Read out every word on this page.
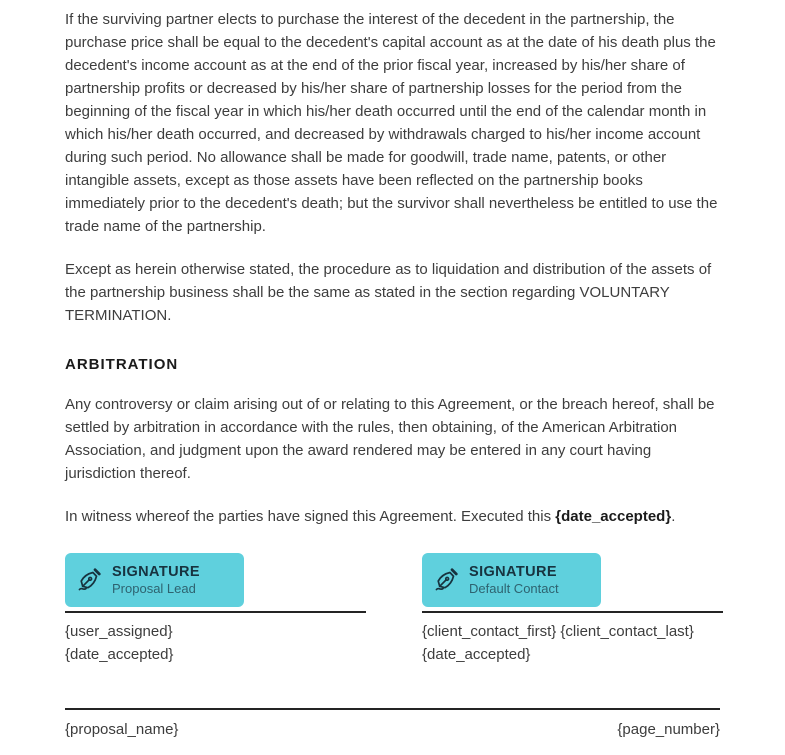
If the surviving partner elects to purchase the interest of the decedent in the partnership, the purchase price shall be equal to the decedent's capital account as at the date of his death plus the decedent's income account as at the end of the prior fiscal year, increased by his/her share of partnership profits or decreased by his/her share of partnership losses for the period from the beginning of the fiscal year in which his/her death occurred until the end of the calendar month in which his/her death occurred, and decreased by withdrawals charged to his/her income account during such period. No allowance shall be made for goodwill, trade name, patents, or other intangible assets, except as those assets have been reflected on the partnership books immediately prior to the decedent's death; but the survivor shall nevertheless be entitled to use the trade name of the partnership.

Except as herein otherwise stated, the procedure as to liquidation and distribution of the assets of the partnership business shall be the same as stated in the section regarding VOLUNTARY TERMINATION.

ARBITRATION

Any controversy or claim arising out of or relating to this Agreement, or the breach hereof, shall be settled by arbitration in accordance with the rules, then obtaining, of the American Arbitration Association, and judgment upon the award rendered may be entered in any court having jurisdiction thereof.

In witness whereof the parties have signed this Agreement. Executed this {date_accepted}.

SIGNATURE
Proposal Lead
{user_assigned}
{date_accepted}
SIGNATURE
Default Contact
{client_contact_first} {client_contact_last}
{date_accepted}
{proposal_name}	{page_number}
